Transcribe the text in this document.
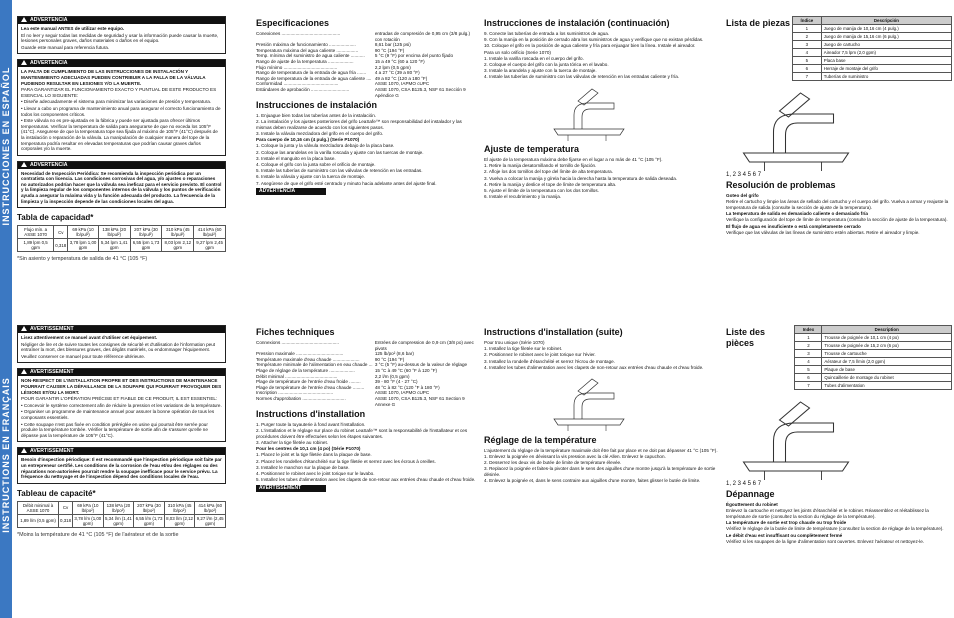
INSTRUCCIONES EN ESPAÑOL
ADVERTENCIA

Lea este manual ANTES de utilizar este equipo.

El no leer y seguir todas las medidas de seguridad y usar la información puede causar la muerte, lesiones personales graves, daños materiales o daños en el equipo.

Guarde este manual para referencia futura.

ADVERTENCIA

LA FALTA DE CUMPLIMIENTO DE LAS INSTRUCCIONES DE INSTALACIÓN Y MANTENIMIENTO ADECUADAS PUEDEN CONTRIBUIR A LA FALLA DE LA VÁLVULA PUDIENDO RESULTAR EN LESIONES Y/O LA MUERTE.

PARA GARANTIZAR EL FUNCIONAMIENTO EXACTO Y PUNTUAL DE ESTE PRODUCTO ES ESENCIAL LO SIGUIENTE:

• Diseñe adecuadamente el sistema para minimizar las variaciones de presión y temperatura.

• Llevar a cabo un programa de mantenimiento anual para asegurar el correcto funcionamiento de todos los componentes críticos.

• Este válvula no es pre-ajustada en la fábrica y puede ser ajustada para ofrecer últimos temperaturas. Verificar la temperatura de salida para asegurarse de que no exceda los 105°F (41°C). Asegurese de que la temperatura tope sea fijada al máximo de 105°F (41°C) después de la instalación o reparación de la válvula. La manipulación de cualquier manera del tope de la temperatura podría resultar en elevadas temperaturas que podrían causar graves daños corporales y/o la muerte.

ADVERTENCIA

Necesidad de Inspección Periódica: Se recomienda la inspección periódica por un contratista con licencia. Las condiciones corrosivas del agua, y/o ajustes o reparaciones no autorizados podrían hacer que la válvula sea ineficaz para el servicio previsto. El control y la limpieza regular de los componentes internos de la válvula y los puntos de verificación ayuda a asegurar la máxima vida y la función adecuada del producto. La frecuencia de la limpieza y la inspección depende de las condiciones locales del agua.

Tabla de capacidad*
Flujo mín. a ASSE 1070	Cv	69 kPa (10 lb/pul²)	138 kPa (20 lb/pul²)	207 kPa (30 lb/pul²)	310 kPa (45 lb/pul²)	414 kPa (60 lb/pul²)
1,89 lpm 0,5 gpm	0,318	3,78 lpm 1,00 gpm	5,34 lpm 1,41 gpm	6,55 lpm 1,73 gpm	8,03 lpm 2,12 gpm	9,27 lpm 2,45 gpm
*Sin asiento y temperatura de salida de 41 °C (105 °F)
Especificaciones
Conexiones ..............................................	entradas de compresión de 0,95 cm (3/8 pulg.) con rotación
Presión máxima de funcionamiento .....................	8,61 bar (125 psi)
Temperatura máxima del agua caliente .................	90 °C (194 °F)
Temp. mínima del suministro de agua caliente ........... 5 °C (9 °F) por encima del punto fijado
Rango de ajuste de la temperatura ....................	15 a 49 °C (60 a 120 °F)
Flujo mínimo ..........................................	2,2 lpm (0,5 gpm)
Rango de temperatura de la entrada de agua fría ....... 4 a 27 °C (39 a 80 °F)
Rango de temperatura de la entrada de agua caliente .... 49 a 82 °C (120 a 180 °F)
Conformidad ...........................................	ASSE 1070, IAPMO cUPC
Estándares de aprobación ..............................	ASSE 1070, CSA B125.3, NSF 61 Sección 9 Apéndice G
Instrucciones de instalación

1. Enjuague bien todas las tuberías antes de la instalación.

2. La instalación y los ajustes posteriores del grifo LeaSafe™ son responsabilidad del instalador y las mismas deben realizarse de acuerdo con los siguientes pasos.

3. Instale la válvula mezcladora del grifo en el cuerpo del grifo.

Para cuerpo de 10,16 cm (4 pulg.) (Serie P1070)

1. Coloque la junta y la válvula mezcladora debajo de la placa base.

2. Coloque las arandelas en la varilla roscada y ajuste con las tuercas de montaje.

3. Instale el manguito en la placa base.

4. Coloque el grifo con la junta sobre el orificio de montaje.

5. Instale las tuberías de suministro con las válvulas de retención en las entradas.

6. Instale la válvula y ajuste con la tuerca de montaje.

7. Asegúrese de que el grifo esté centrado y minuto hacia adelante antes del ajuste final.

ADVERTENCIA
Instrucciones de instalación (continuación)

9. Conecte las tuberías de entrada a los suministros de agua.

9. Con la manija en la posición de cerrado abra los suministros de agua y verifique que no existan pérdidas.

10. Coloque el grifo en la posición de agua caliente y fría para enjuagar bien la línea. Instale el aireador.

Para un solo orificio (Serie 1070)

1. Instale la varilla roscada en el cuerpo del grifo.

2. Coloque el cuerpo del grifo con la junta tórica en el lavabo.

3. Instale la arandela y ajuste con la tuerca de montaje.

4. Instale las tuberías de suministro con las válvulas de retención en las entradas caliente y fría.

Ajuste de temperatura

El ajuste de la temperatura máxima debe fijarse en el lugar a no más de 41 °C (105 °F).

1. Retire la manija desatornillando el tornillo de fijación.

2. Afloje los dos tornillos del tope del límite de alta temperatura.

3. Vuelva a colocar la manija y gírela hacia la derecha hasta la temperatura de salida deseada.

4. Retire la manija y deslice el tope de límite de temperatura alta.

5. Ajuste el límite de la temperatura con los dos tornillos.

6. Instale el recubrimiento y la manija.

Lista de piezas Índice	Descripción
1	Juego de manija de 10,16 cm (4 pulg.)
2	Juego de manija de 15,16 cm (6 pulg.)
3	Juego de cartucho
4	Aireador 7,5 lpm (2,0 gpm)
5	Placa base
6	Herraje de montaje del grifo
7	Tuberías de suministro
1, 2 3 4 5 6 7
Resolución de problemas

Goteo del grifo

Retire el cartucho y limpie las áreas de sellado del cartucho y el cuerpo del grifo. Vuelva a armar y reajuste la temperatura de salida (consulte la sección de ajuste de la temperatura).

La temperatura de salida es demasiado caliente o demasiado fría

Verifique la configuración del tope de límite de temperatura (consulte la sección de ajuste de la temperatura).

El flujo de agua es insuficiente o está completamente cerrado

Verifique que las válvulas de las líneas de suministro estén abiertas. Retire el aireador y limpie.

INSTRUCTIONS EN FRANÇAIS
AVERTISSEMENT

Lisez attentivement ce manuel avant d'utiliser cet équipement.

Négliger de lire et de suivre toutes les consignes de sécurité et d'utilisation de l'information peut entraîner la mort, des blessures graves, des dégâts matériels, ou endommager l'équipement.

Veuillez conserver ce manuel pour toute référence ultérieure.

AVERTISSEMENT

NON-RESPECT DE L'INSTALLATION PROPRE ET DES INSTRUCTIONS DE MAINTENANCE POURRAIT CAUSER LA DÉFAILLANCE DE LA SOUPAPE QUI POURRAIT PROVOQUER DES LÉSIONS ET/OU LA MORT.

POUR GARANTIR L'OPÉRATION PRÉCISE ET FIABLE DE CE PRODUIT, IL EST ESSENTIEL:

• Concevoir le système correctement afin de réduire la pression et les variations de la température.

• Organiser un programme de maintenance annuel pour assurer la bonne opération de tous les composants essentiels.

• Cette soupape n'est pas fixée en condition préréglée en usine qui pourrait être serrée pour produire la température tombée. Vérifier la température de sortie afin de s'assurer qu'elle ne dépasse pas la température de 105°F (41°C).

AVERTISSEMENT

Besoin d'inspection périodique: Il est recommandé que l'inspection périodique soit faite par un entrepreneur certifié. Les conditions de la corrosion de l'eau et/ou des réglages ou des réparations non-autorisées pourrait rendre la soupape inefficace pour le service prévu. La fréquence du nettoyage et de l'inspection dépend des conditions locales de l'eau.

Tableau de capacité*
Débit minimal à ASSE 1070	Cv	69 kPa (10 lb/po²)	138 kPa (20 lb/po²)	207 kPa (30 lb/po²)	310 kPa (45 lb/po²)	414 kPa (60 lb/po²)
1,89 l/m (0,5 gpm)	0,318	3,78 l/m (1,00 gpm)	5,34 l/m (1,41 gpm)	6,55 l/m (1,73 gpm)	8,03 l/m (2,12 gpm)	9,27 l/m (2,45 gpm)
*Moins la température de 41 °C (105 °F) de l'aérateur et de la sortie
Fiches techniques
Connexions .............................................	Entrées de compression de 0,9 cm (3/8 po) avec pivots
Pression maximale .....................................	125 lb/po² (8,6 bar)
Température maximale d'eau chaude .....................	90 °C (194 °F)
Température minimale de l'alimentation en eau chaude ... 3 °C (5 °F) au-dessus de la valeur de réglage
Plage de réglage de la température ....................	15 °C à 49 °C (60 °F à 120 °F)
Débit minimal .........................................	2,2 l/m (0,5 gpm)
Plage de température de l'entrée d'eau froide .........	39 - 80 °F (4 - 27 °C)
Plage de température de l'entrée d'eau chaude ......... 48 °C à 82 °C (120 °F à 180 °F)
Inscription ...........................................	ASSE 1070, IAPMO cUPC
Normes d'approbation ..................................	ASSE 1070, CSA B125.3, NSF 61 Section 9 Annexe G
Instructions d'installation

1. Purger toute la tuyauterie à fond avant l'installation.

2. L'installation et le réglage sur place du robinet LeaSafe™ sont la responsabilité de l'installateur et ces procédures doivent être effectuées selon les étapes suivantes.

3. Attacher la tige filetée au robinet.

Pour les centres de 10,1 cm (4 po) (Série P1070)

1. Placez le joint et la tige filetée dans la plaque de base.

2. Placez les rondelles d'étanchéité sur la tige filetée et serrez avec les écrous à oreilles.

3. Installez le manchon sur la plaque de base.

4. Positionnez le robinet avec le joint torique sur le lavabo.

5. Installez les tubes d'alimentation avec les clapets de non-retour aux entrées d'eau chaude et d'eau froide.

AVERTISSEMENT
Instructions d'installation (suite)

Pour trou unique (Série 1070)

1. Installez la tige filetée sur le robinet.

2. Positionnez le robinet avec le joint torique sur l'évier.

3. Installez la rondelle d'étanchéité et serrez l'écrou de montage.

4. Installez les tubes d'alimentation avec les clapets de non-retour aux entrées d'eau chaude et d'eau froide.

Réglage de la température

L'ajustement du réglage de la température maximale doit être fait par place et ne doit pas dépasser 41 °C (105 °F).

1. Enlevez la poignée en dévissant la vis pression avec la clé Allen. Enlevez le capuchon.

2. Desserrez les deux vis de butée de limite de température élevée.

3. Replacez la poignée et faites-la pivoter dans le sens des aiguilles d'une montre jusqu'à la température de sortie désirée.

4. Enlevez la poignée et, dans le sens contraire aux aiguilles d'une montre, faites glisser le butée de limite.

Liste des pièces
Index	Description
1	Trousse de poignée de 10,1 cm (4 po)
2	Trousse de poignée de 15,2 cm (6 po)
3	Trousse de cartouche
4	Aérateur de 7,5 l/min (2,0 gpm)
5	Plaque de base
6	Quincaillerie de montage du robinet
7	Tubes d'alimentation
1, 2 3 4 5 6 7
Dépannage

Égouttement du robinet

Enlevez la cartouche et nettoyez les joints d'étanchéité et le robinet. Réassemblez et réétablissez la température de sortie (consultez la section du réglage de la température).

La température de sortie est trop chaude ou trop froide

Vérifiez le réglage de la butée de limite de température (consultez la section de réglage de la température).

Le débit d'eau est insuffisant ou complètement fermé

Vérifiez si les soupapes de la ligne d'alimentation sont ouvertes. Enlevez l'aérateur et nettoyez-le.
